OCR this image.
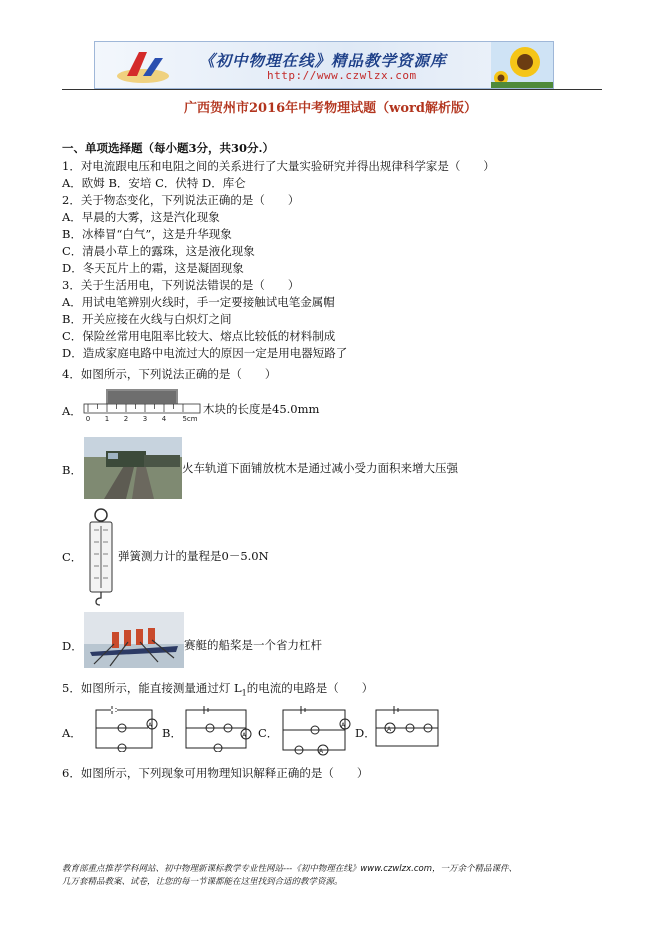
《初中物理在线》精品教学资源库
http://www.czwlzx.com
广西贺州市2016年中考物理试题（word解析版）
一、单项选择题（每小题3分，共30分.）
1．对电流跟电压和电阻之间的关系进行了大量实验研究并得出规律科学家是（　　）
A．欧姆 B．安培 C．伏特 D．库仑
2．关于物态变化，下列说法正确的是（　　）
A．早晨的大雾，这是汽化现象
B．冰棒冒“白气”，这是升华现象
C．清晨小草上的露珠，这是液化现象
D．冬天瓦片上的霜，这是凝固现象
3．关于生活用电，下列说法错误的是（　　）
A．用试电笔辨别火线时，手一定要接触试电笔金属帽
B．开关应接在火线与白炽灯之间
C．保险丝常用电阻率比较大、熔点比较低的材料制成
D．造成家庭电路中电流过大的原因一定是用电器短路了
4．如图所示，下列说法正确的是（　　）
A．
0 1 2 3 4 5cm
木块的长度是45.0mm
B．	火车轨道下面铺放枕木是通过减小受力面积来增大压强
C．	弹簧测力计的量程是0－5.0N
D．	赛艇的船桨是一个省力杠杆
5．如图所示，能直接测量通过灯 $L_1$的电流的电路是（　　）
A．
A
B．	A C．
A
A
D． A
6．如图所示，下列现象可用物理知识解释正确的是（　　）
教育部重点推荐学科网站、初中物理新课标教学专业性网站---《初中物理在线》www.czwlzx.com，一万余个精品课件、
几万套精品教案、试卷，让您的每一节课都能在这里找到合适的教学资源。
